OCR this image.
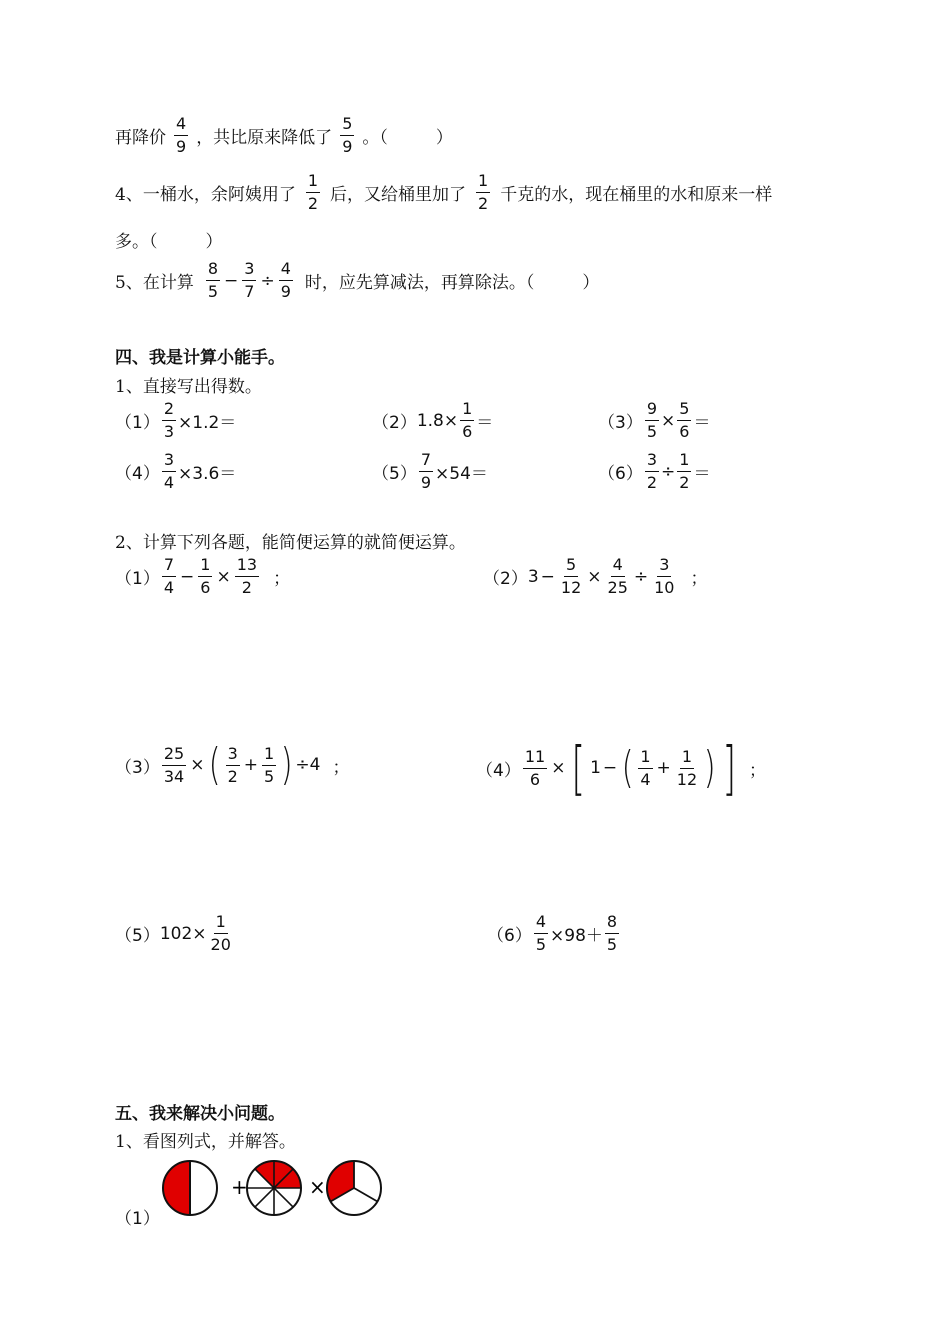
再降价 $\frac{4}{9}$ ，共比原来降低了 $\frac{5}{9}$ 。（	）
4、一桶水，余阿姨用了 $\frac{1}{2}$ 后，又给桶里加了 $\frac{1}{2}$ 千克的水，现在桶里的水和原来一样
多。（	）
5、在计算 $\frac{8}{5} - \frac{3}{7} \div \frac{4}{9}$ 时，应先算减法，再算除法。（	）
四、我是计算小能手。
1、直接写出得数。
$(1) \frac{2}{3} \times 1.2=$	（2） $1.8\times \frac{1}{6}$ ＝	$(3) \frac{9}{5} \times \frac{5}{6}$ ＝
$(4) \frac{3}{4} \times 3.6=$	$(5) \frac{7}{9} \times 54=$	$(6) \frac{3}{2} \div \frac{1}{2}$ ＝
2、计算下列各题，能简便运算的就简便运算。
$(1) \frac{7}{4} - \frac{1}{6} \times \frac{13}{2}$ ；	（2） $3 - \frac{5}{12} \times \frac{4}{25} \div \frac{3}{10}$ ；
$(3) \frac{25}{34}$ × ( $\frac{3}{2} + \frac{1}{5}$ ) ÷4 ；	$(4) \frac{11}{6}$ × [ 1 − ( $\frac{1}{4} + \frac{1}{12}$ ) ] ；
（5） $102\times \frac{1}{20}$	$(6) \frac{4}{5} \times 98+ \frac{8}{5}$
五、我来解决小问题。
1、看图列式，并解答。
（1）
+	×
